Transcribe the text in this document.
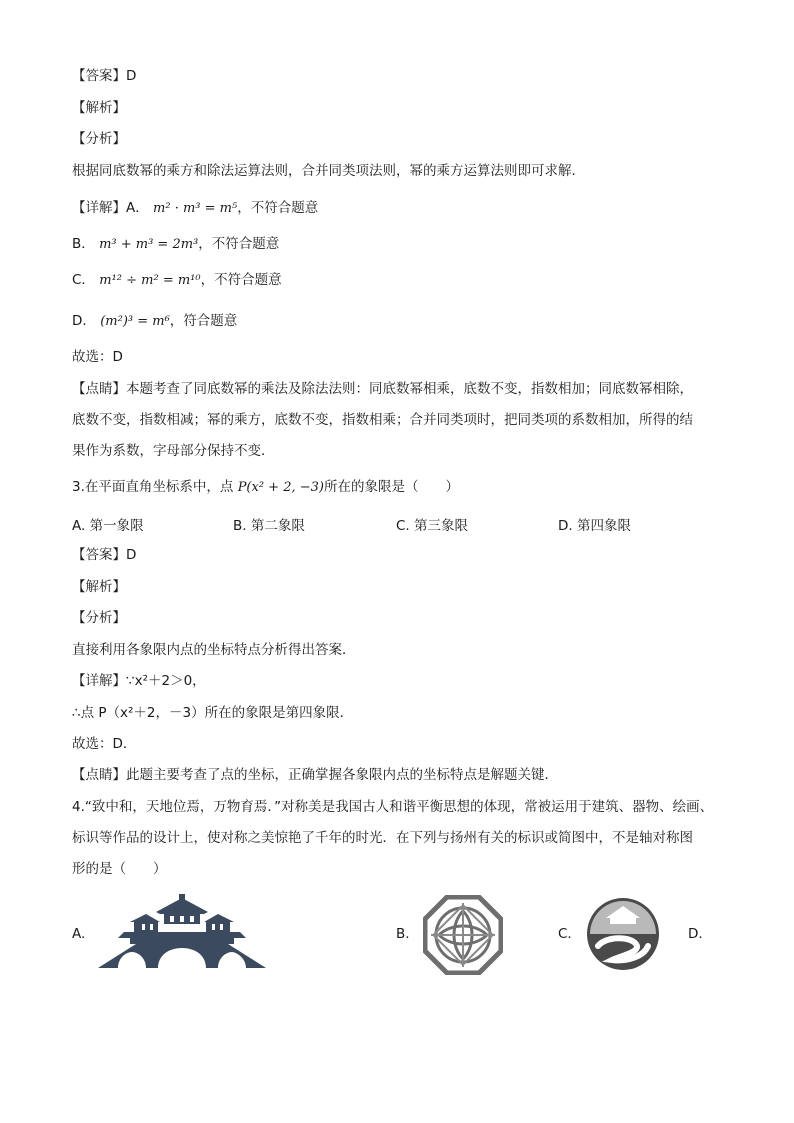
【答案】D
【解析】
【分析】
根据同底数幂的乘方和除法运算法则，合并同类项法则，幂的乘方运算法则即可求解．
【详解】A． m² · m³ = m⁵，不符合题意
B． m³ + m³ = 2m³，不符合题意
C． m¹² ÷ m² = m¹⁰，不符合题意
D． (m²)³ = m⁶，符合题意
故选：D
【点睛】本题考查了同底数幂的乘法及除法法则：同底数幂相乘，底数不变，指数相加；同底数幂相除，
底数不变，指数相减；幂的乘方，底数不变，指数相乘；合并同类项时，把同类项的系数相加，所得的结
果作为系数，字母部分保持不变．
3.在平面直角坐标系中，点 P(x² + 2, −3)所在的象限是（　　）
A. 第一象限	B. 第二象限	C. 第三象限	D. 第四象限
【答案】D
【解析】
【分析】
直接利用各象限内点的坐标特点分析得出答案．
【详解】∵x²＋2＞0，
∴点 P（x²＋2，－3）所在的象限是第四象限．
故选：D．
【点睛】此题主要考查了点的坐标，正确掌握各象限内点的坐标特点是解题关键．
4.“致中和，天地位焉，万物育焉．”对称美是我国古人和谐平衡思想的体现，常被运用于建筑、器物、绘画、
标识等作品的设计上，使对称之美惊艳了千年的时光．在下列与扬州有关的标识或简图中，不是轴对称图
形的是（　　）
A.	B.	C.	D.
